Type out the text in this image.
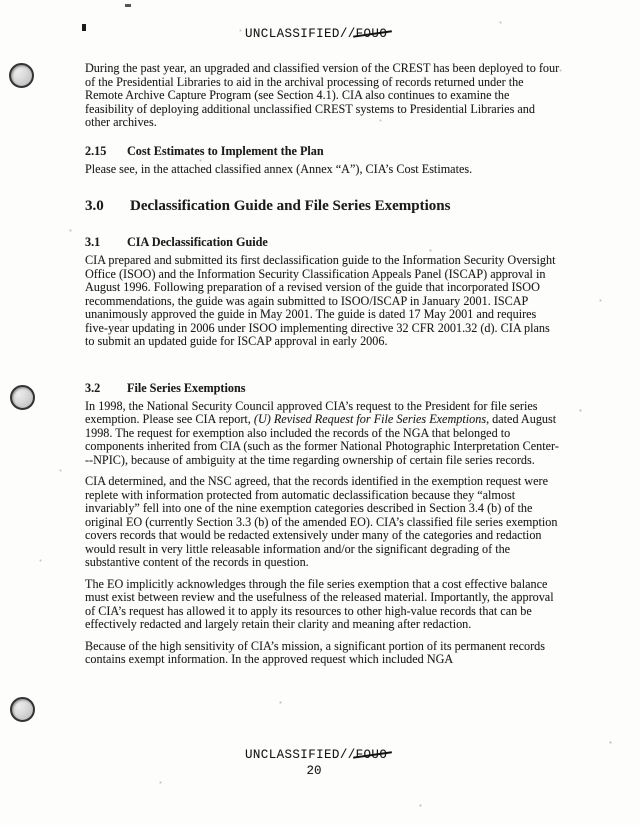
UNCLASSIFIED//FOUO

During the past year, an upgraded and classified version of the CREST has been deployed to four of the Presidential Libraries to aid in the archival processing of records returned under the Remote Archive Capture Program (see Section 4.1). CIA also continues to examine the feasibility of deploying additional unclassified CREST systems to Presidential Libraries and other archives.

2.15 Cost Estimates to Implement the Plan

Please see, in the attached classified annex (Annex “A”), CIA’s Cost Estimates.

3.0 Declassification Guide and File Series Exemptions
3.1 CIA Declassification Guide

CIA prepared and submitted its first declassification guide to the Information Security Oversight Office (ISOO) and the Information Security Classification Appeals Panel (ISCAP) approval in August 1996. Following preparation of a revised version of the guide that incorporated ISOO recommendations, the guide was again submitted to ISOO/ISCAP in January 2001. ISCAP unanimously approved the guide in May 2001. The guide is dated 17 May 2001 and requires five-year updating in 2006 under ISOO implementing directive 32 CFR 2001.32 (d). CIA plans to submit an updated guide for ISCAP approval in early 2006.

3.2 File Series Exemptions

In 1998, the National Security Council approved CIA’s request to the President for file series exemption. Please see CIA report, (U) Revised Request for File Series Exemptions, dated August 1998. The request for exemption also included the records of the NGA that belonged to components inherited from CIA (such as the former National Photographic Interpretation Center---NPIC), because of ambiguity at the time regarding ownership of certain file series records.

CIA determined, and the NSC agreed, that the records identified in the exemption request were replete with information protected from automatic declassification because they “almost invariably” fell into one of the nine exemption categories described in Section 3.4 (b) of the original EO (currently Section 3.3 (b) of the amended EO). CIA’s classified file series exemption covers records that would be redacted extensively under many of the categories and redaction would result in very little releasable information and/or the significant degrading of the substantive content of the records in question.

The EO implicitly acknowledges through the file series exemption that a cost effective balance must exist between review and the usefulness of the released material. Importantly, the approval of CIA’s request has allowed it to apply its resources to other high-value records that can be effectively redacted and largely retain their clarity and meaning after redaction.

Because of the high sensitivity of CIA’s mission, a significant portion of its permanent records contains exempt information. In the approved request which included NGA

UNCLASSIFIED//FOUO
20
